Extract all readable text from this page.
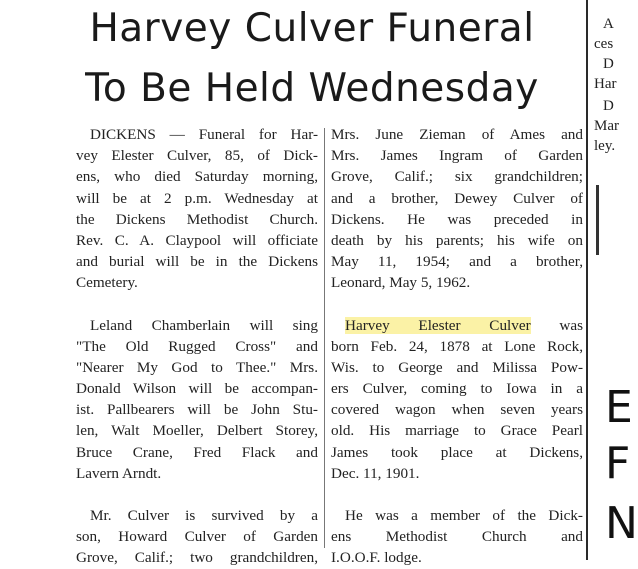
Harvey Culver Funeral
To Be Held Wednesday

DICKENS — Funeral for Har-
vey Elester Culver, 85, of Dick-
ens, who died Saturday morning,
will be at 2 p.m. Wednesday at
the Dickens Methodist Church.
Rev. C. A. Claypool will officiate
and burial will be in the Dickens
Cemetery.

Leland Chamberlain will sing
"The Old Rugged Cross" and
"Nearer My God to Thee." Mrs.
Donald Wilson will be accompan-
ist. Pallbearers will be John Stu-
len, Walt Moeller, Delbert Storey,
Bruce Crane, Fred Flack and
Lavern Arndt.

Mr. Culver is survived by a
son, Howard Culver of Garden
Grove, Calif.; two grandchildren,

Mrs. June Zieman of Ames and
Mrs. James Ingram of Garden
Grove, Calif.; six grandchildren;
and a brother, Dewey Culver of
Dickens. He was preceded in
death by his parents; his wife on
May 11, 1954; and a brother,
Leonard, May 5, 1962.

Harvey Elester Culver was
born Feb. 24, 1878 at Lone Rock,
Wis. to George and Milissa Pow-
ers Culver, coming to Iowa in a
covered wagon when seven years
old. His marriage to Grace Pearl
James took place at Dickens,
Dec. 11, 1901.

He was a member of the Dick-
ens Methodist Church and
I.O.O.F. lodge.

A
ces
D
Har
D
Mar
ley.
E
F
N
